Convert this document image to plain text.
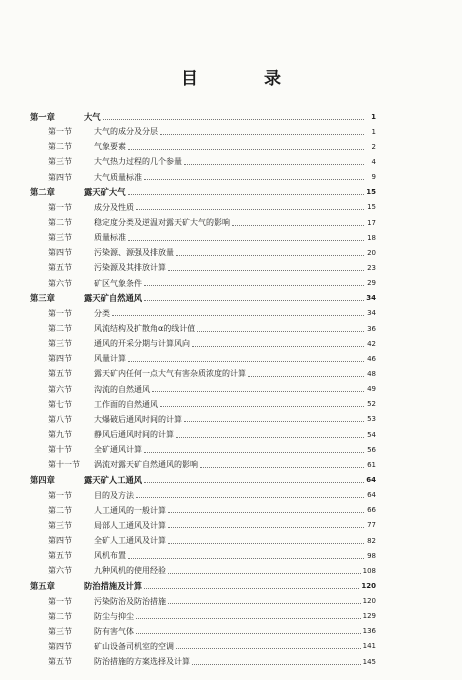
目 录
第一章	大气	1
第一节	大气的成分及分层	1
第二节	气象要素	2
第三节	大气热力过程的几个参量	4
第四节	大气质量标准	9
第二章	露天矿大气	15
第一节	成分及性质	15
第二节	稳定度分类及逆温对露天矿大气的影响	17
第三节	质量标准	18
第四节	污染源、源强及排放量	20
第五节	污染源及其排放计算	23
第六节	矿区气象条件	29
第三章	露天矿自然通风	34
第一节	分类	34
第二节	风流结构及扩散角α的线计值	36
第三节	通风的开采分期与计算风向	42
第四节	风量计算	46
第五节	露天矿内任何一点大气有害杂质浓度的计算	48
第六节	沟流的自然通风	49
第七节	工作面的自然通风	52
第八节	大爆破后通风时间的计算	53
第九节	静风后通风时间的计算	54
第十节	全矿通风计算	56
第十一节	涡流对露天矿自然通风的影响	61
第四章	露天矿人工通风	64
第一节	目的及方法	64
第二节	人工通风的一般计算	66
第三节	局部人工通风及计算	77
第四节	全矿人工通风及计算	82
第五节	风机布置	98
第六节	九种风机的使用经验	108
第五章	防治措施及计算	120
第一节	污染防治及防治措施	120
第二节	防尘与抑尘	129
第三节	防有害气体	136
第四节	矿山设备司机室的空调	141
第五节	防治措施的方案选择及计算	145
